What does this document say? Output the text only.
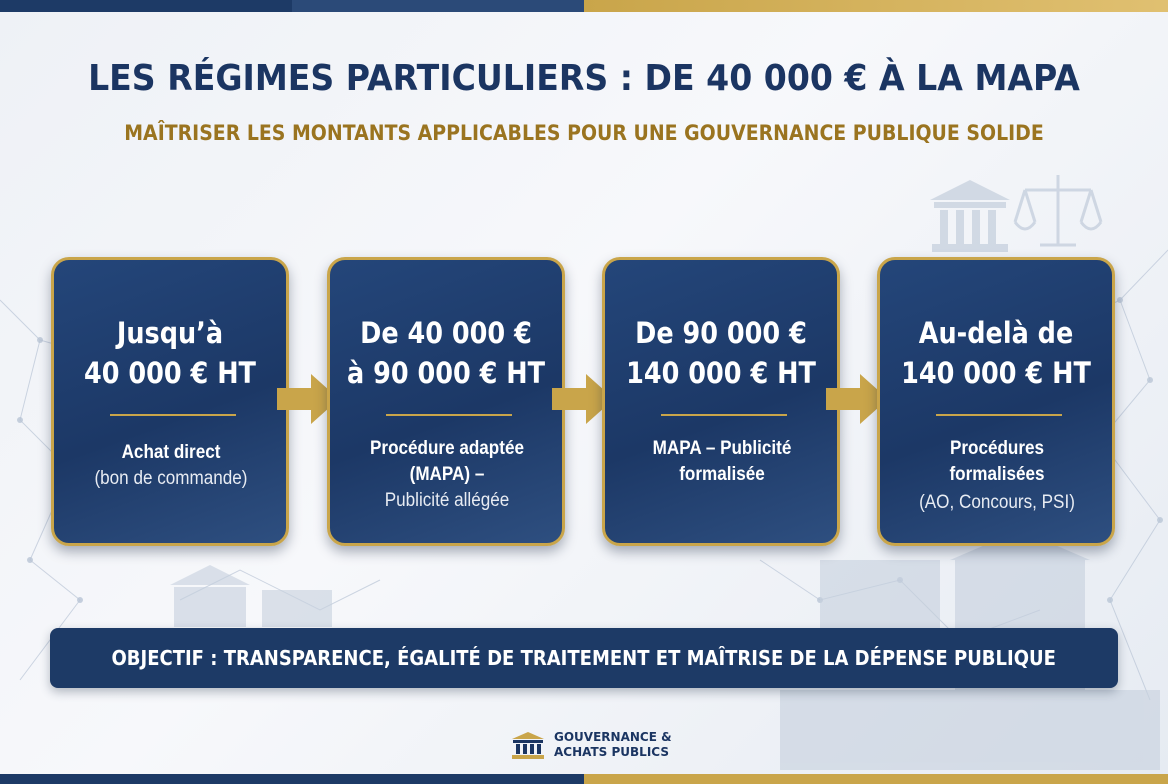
LES RÉGIMES PARTICULIERS : DE 40 000 € À LA MAPA
MAÎTRISER LES MONTANTS APPLICABLES POUR UNE GOUVERNANCE PUBLIQUE SOLIDE
Jusqu’à
40 000 € HT
Achat direct
(bon de commande)
De 40 000 €
à 90 000 € HT
Procédure adaptée
(MAPA) –
Publicité allégée
De 90 000 €
140 000 € HT
MAPA – Publicité
formalisée
Au-delà de
140 000 € HT
Procédures
formalisées
(AO, Concours, PSI)
OBJECTIF : TRANSPARENCE, ÉGALITÉ DE TRAITEMENT ET MAÎTRISE DE LA DÉPENSE PUBLIQUE
GOUVERNANCE &
ACHATS PUBLICS
